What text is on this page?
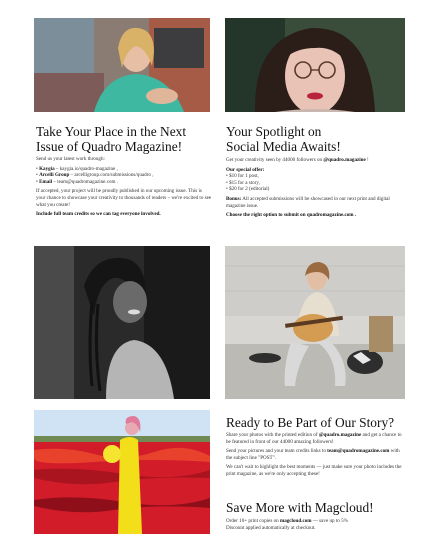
Take Your Place in the Next
Issue of Quadro Magazine!

Send us your latest work through:

• Kaygia – kaygia.io/quadro-magazine ,
• Arcelli Group – arcelligroup.com/submissions/quadro ,
• Email – team@quadromagazine.com .

If accepted, your project will be proudly published in our upcoming issue. This is your chance to showcase your creativity to thousands of readers – we're excited to see what you create!

Include full team credits so we can tag everyone involved.

Your Spotlight on
Social Media Awaits!

Get your creativity seen by 44000 followers on @quadro.magazine !

Our special offer:

• $10 for 1 post,
• $15 for a story,
• $20 for 2 (editorial)

Bonus: All accepted submissions will be showcased in our next print and digital magazine issue.

Choose the right option to submit on quadromagazine.com .

Ready to Be Part of Our Story?

Share your photos with the printed edition of @quadro.magazine and get a chance to be featured in front of our 44000 amazing followers!

Send your pictures and your team credits links to team@quadromagazine.com with the subject line "POST".

We can't wait to highlight the best moments — just make sure your photo includes the print magazine, as we're only accepting these!

Save More with Magcloud!

Order 10+ print copies on magcloud.com — save up to 5%

Discount applied automatically at checkout.
